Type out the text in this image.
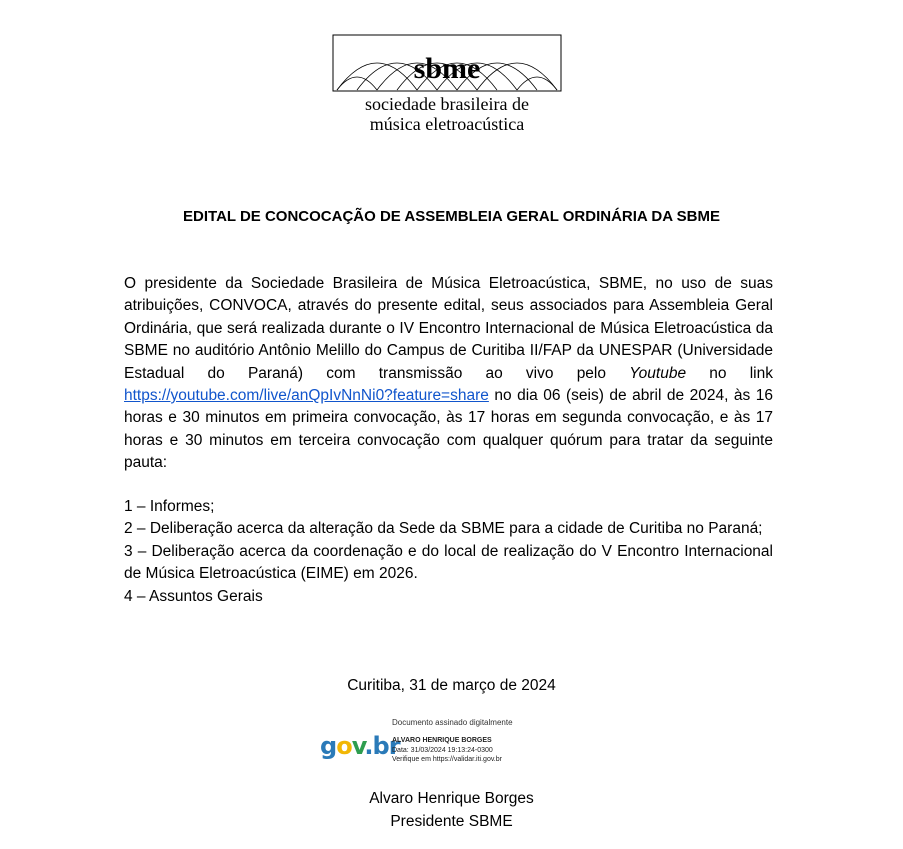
sbme
sociedade brasileira de
música eletroacústica
EDITAL DE CONCOCAÇÃO DE ASSEMBLEIA GERAL ORDINÁRIA DA SBME

O presidente da Sociedade Brasileira de Música Eletroacústica, SBME, no uso de suas atribuições, CONVOCA, através do presente edital, seus associados para Assembleia Geral Ordinária, que será realizada durante o IV Encontro Internacional de Música Eletroacústica da SBME no auditório Antônio Melillo do Campus de Curitiba II/FAP da UNESPAR (Universidade Estadual do Paraná) com transmissão ao vivo pelo Youtube no link https://youtube.com/live/anQpIvNnNi0?feature=share no dia 06 (seis) de abril de 2024, às 16 horas e 30 minutos em primeira convocação, às 17 horas em segunda convocação, e às 17 horas e 30 minutos em terceira convocação com qualquer quórum para tratar da seguinte pauta:

1 – Informes;
2 – Deliberação acerca da alteração da Sede da SBME para a cidade de Curitiba no Paraná;
3 – Deliberação acerca da coordenação e do local de realização do V Encontro Internacional de Música Eletroacústica (EIME) em 2026.
4 – Assuntos Gerais
Curitiba, 31 de março de 2024
Documento assinado digitalmente
gov.br
ALVARO HENRIQUE BORGES
Data: 31/03/2024 19:13:24-0300
Verifique em https://validar.iti.gov.br
Alvaro Henrique Borges
Presidente SBME
